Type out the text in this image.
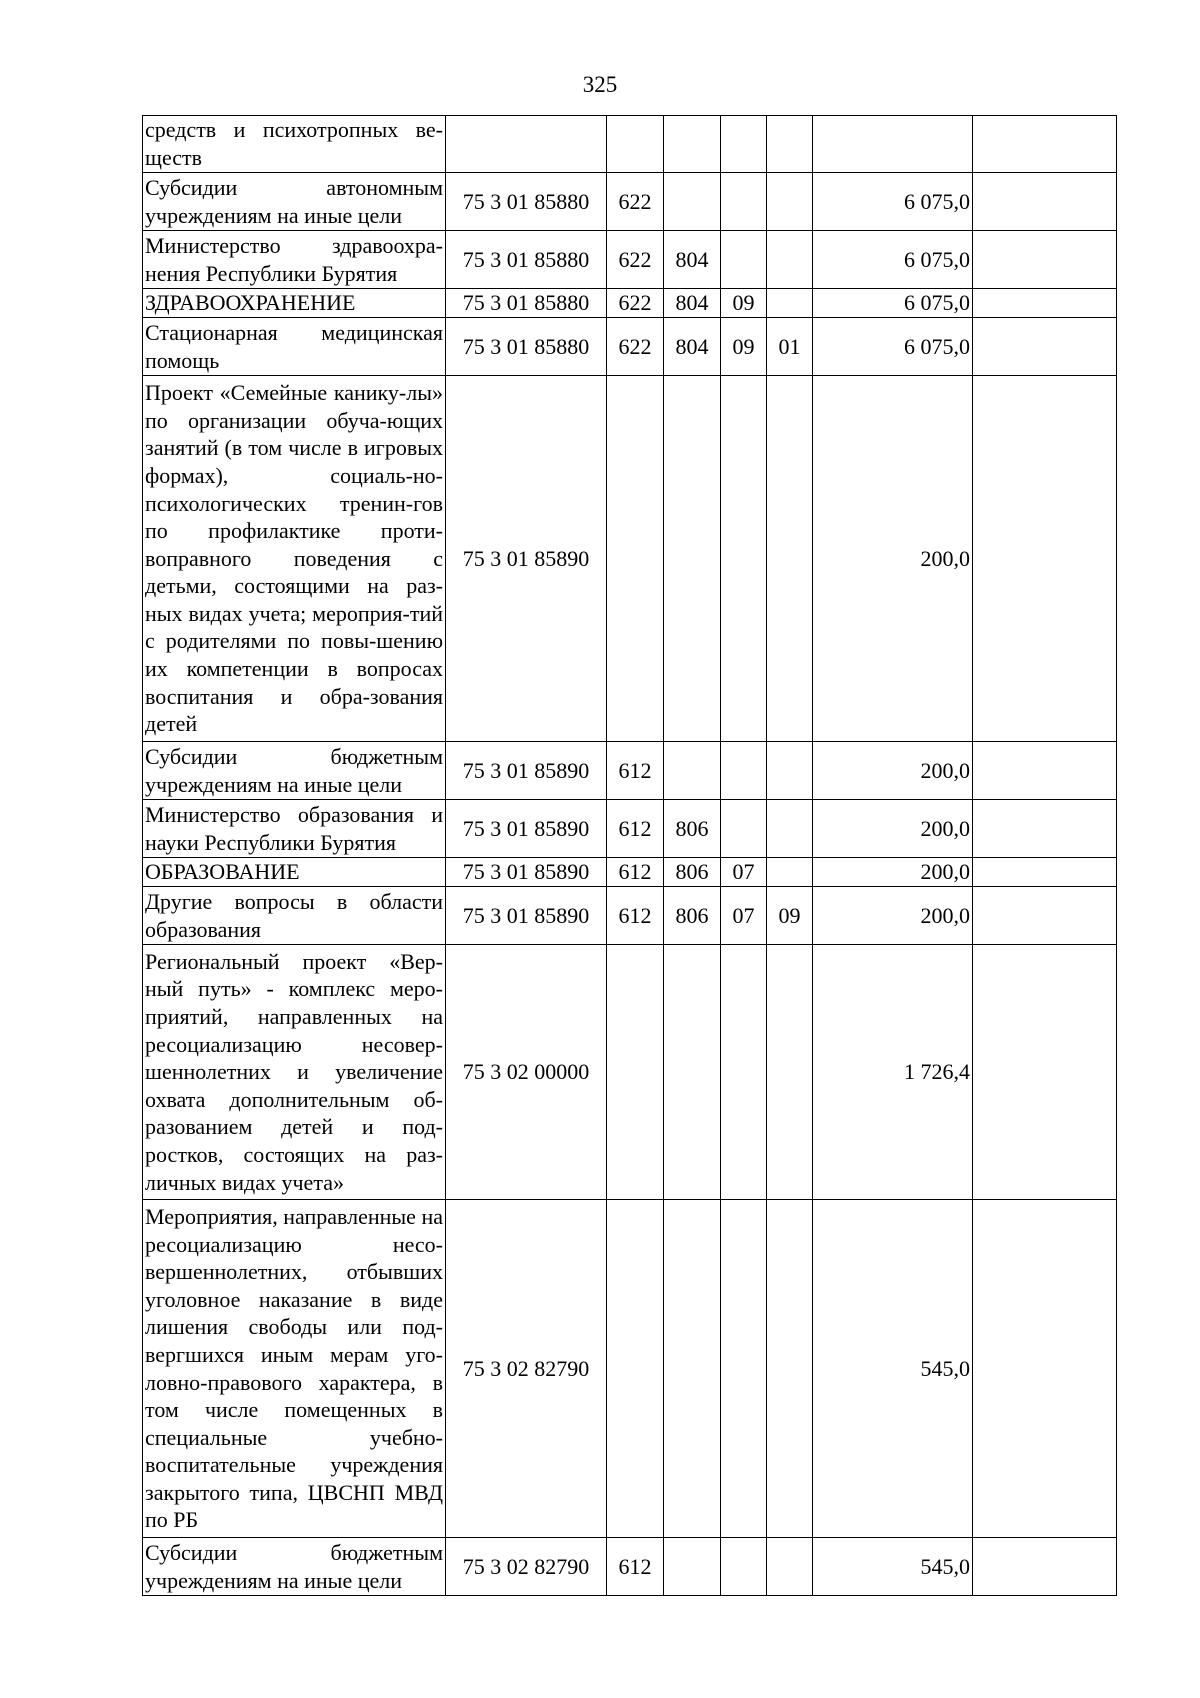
325
средств и психотропных ве-ществ							
Субсидии автономным учреждениям на иные цели	75 3 01 85880	622				6 075,0	
Министерство здравоохра-нения Республики Бурятия	75 3 01 85880	622	804			6 075,0	
ЗДРАВООХРАНЕНИЕ	75 3 01 85880	622	804	09		6 075,0	
Стационарная медицинская помощь	75 3 01 85880	622	804	09	01	6 075,0	
Проект «Семейные канику-лы» по организации обуча-ющих занятий (в том числе в игровых формах), социаль-но-психологических тренин-гов по профилактике проти-воправного поведения с детьми, состоящими на раз-ных видах учета; мероприя-тий с родителями по повы-шению их компетенции в вопросах воспитания и обра-зования детей	75 3 01 85890					200,0	
Субсидии бюджетным учреждениям на иные цели	75 3 01 85890	612				200,0	
Министерство образования и науки Республики Бурятия	75 3 01 85890	612	806			200,0	
ОБРАЗОВАНИЕ	75 3 01 85890	612	806	07		200,0	
Другие вопросы в области образования	75 3 01 85890	612	806	07	09	200,0	
Региональный проект «Вер-ный путь» - комплекс меро-приятий, направленных на ресоциализацию несовер-шеннолетних и увеличение охвата дополнительным об-разованием детей и под-ростков, состоящих на раз-личных видах учета»	75 3 02 00000					1 726,4	
Мероприятия, направленные на ресоциализацию несо-вершеннолетних, отбывших уголовное наказание в виде лишения свободы или под-вергшихся иным мерам уго-ловно-правового характера, в том числе помещенных в специальные учебно-воспитательные учреждения закрытого типа, ЦВСНП МВД по РБ	75 3 02 82790					545,0	
Субсидии бюджетным учреждениям на иные цели	75 3 02 82790	612				545,0	
